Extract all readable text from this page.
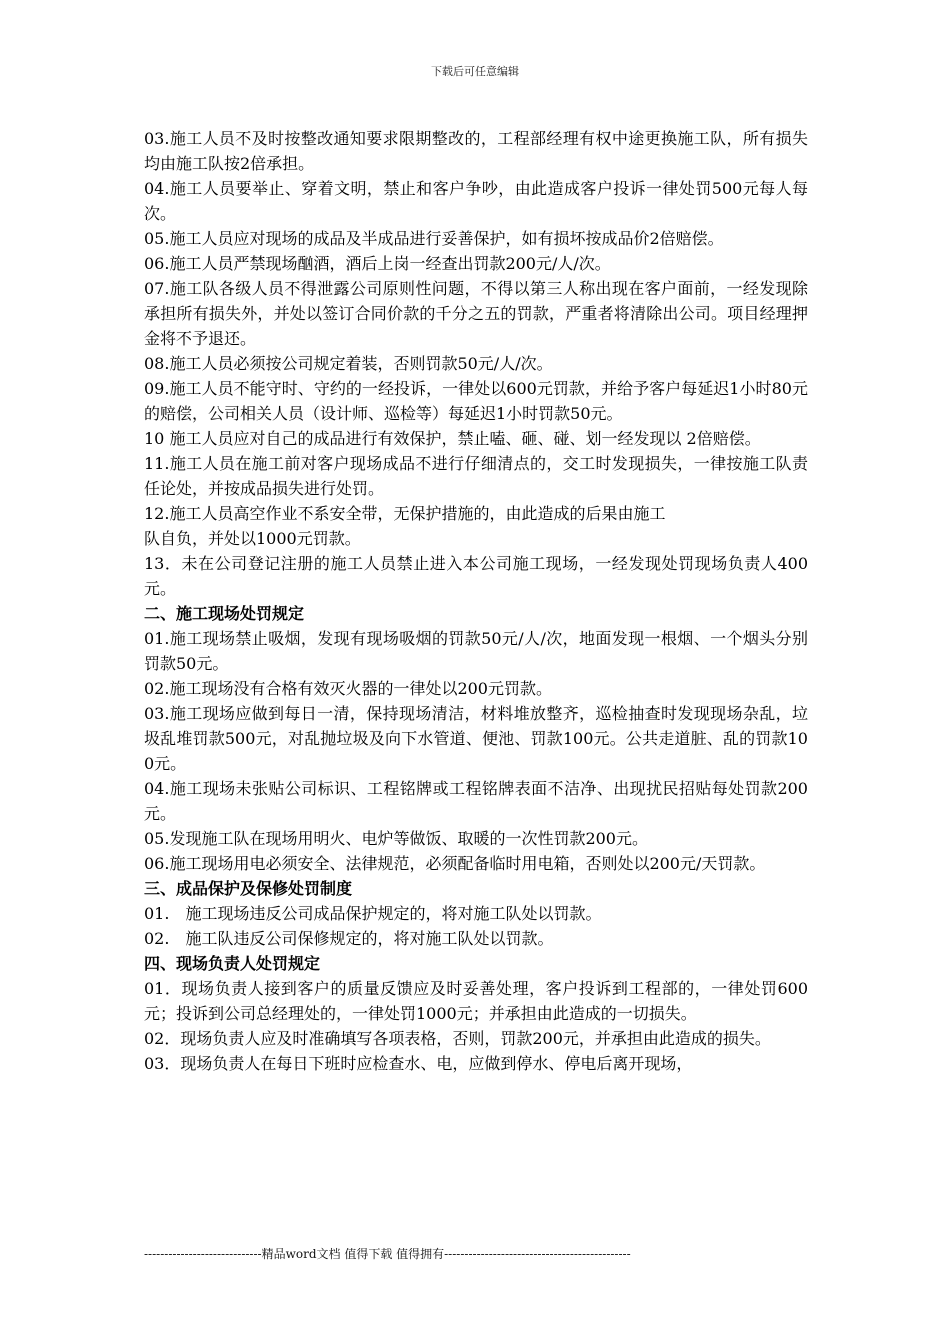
下载后可任意编辑

03.施工人员不及时按整改通知要求限期整改的，工程部经理有权中途更换施工队，所有损失均由施工队按2倍承担。

04.施工人员要举止、穿着文明，禁止和客户争吵，由此造成客户投诉一律处罚500元每人每次。

05.施工人员应对现场的成品及半成品进行妥善保护，如有损坏按成品价2倍赔偿。

06.施工人员严禁现场酗酒，酒后上岗一经查出罚款200元/人/次。

07.施工队各级人员不得泄露公司原则性问题，不得以第三人称出现在客户面前，一经发现除承担所有损失外，并处以签订合同价款的千分之五的罚款，严重者将清除出公司。项目经理押金将不予退还。

08.施工人员必须按公司规定着装，否则罚款50元/人/次。

09.施工人员不能守时、守约的一经投诉，一律处以600元罚款，并给予客户每延迟1小时80元的赔偿，公司相关人员（设计师、巡检等）每延迟1小时罚款50元。

10 施工人员应对自己的成品进行有效保护，禁止嗑、砸、碰、划一经发现以 2倍赔偿。

11.施工人员在施工前对客户现场成品不进行仔细清点的，交工时发现损失，一律按施工队责任论处，并按成品损失进行处罚。

12.施工人员高空作业不系安全带，无保护措施的，由此造成的后果由施工
队自负，并处以1000元罚款。

13．未在公司登记注册的施工人员禁止进入本公司施工现场，一经发现处罚现场负责人400元。

二、施工现场处罚规定

01.施工现场禁止吸烟，发现有现场吸烟的罚款50元/人/次，地面发现一根烟、一个烟头分别罚款50元。

02.施工现场没有合格有效灭火器的一律处以200元罚款。

03.施工现场应做到每日一清，保持现场清洁，材料堆放整齐，巡检抽查时发现现场杂乱，垃圾乱堆罚款500元，对乱抛垃圾及向下水管道、便池、罚款100元。公共走道脏、乱的罚款100元。

04.施工现场未张贴公司标识、工程铭牌或工程铭牌表面不洁净、出现扰民招贴每处罚款200元。

05.发现施工队在现场用明火、电炉等做饭、取暖的一次性罚款200元。

06.施工现场用电必须安全、法律规范，必须配备临时用电箱，否则处以200元/天罚款。

三、成品保护及保修处罚制度

01.　施工现场违反公司成品保护规定的，将对施工队处以罚款。

02.　施工队违反公司保修规定的，将对施工队处以罚款。

四、现场负责人处罚规定

01．现场负责人接到客户的质量反馈应及时妥善处理，客户投诉到工程部的，一律处罚600元；投诉到公司总经理处的，一律处罚1000元；并承担由此造成的一切损失。

02．现场负责人应及时准确填写各项表格，否则，罚款200元，并承担由此造成的损失。

03．现场负责人在每日下班时应检查水、电，应做到停水、停电后离开现场，

-----------------------------精品word文档 值得下载 值得拥有----------------------------------------------
